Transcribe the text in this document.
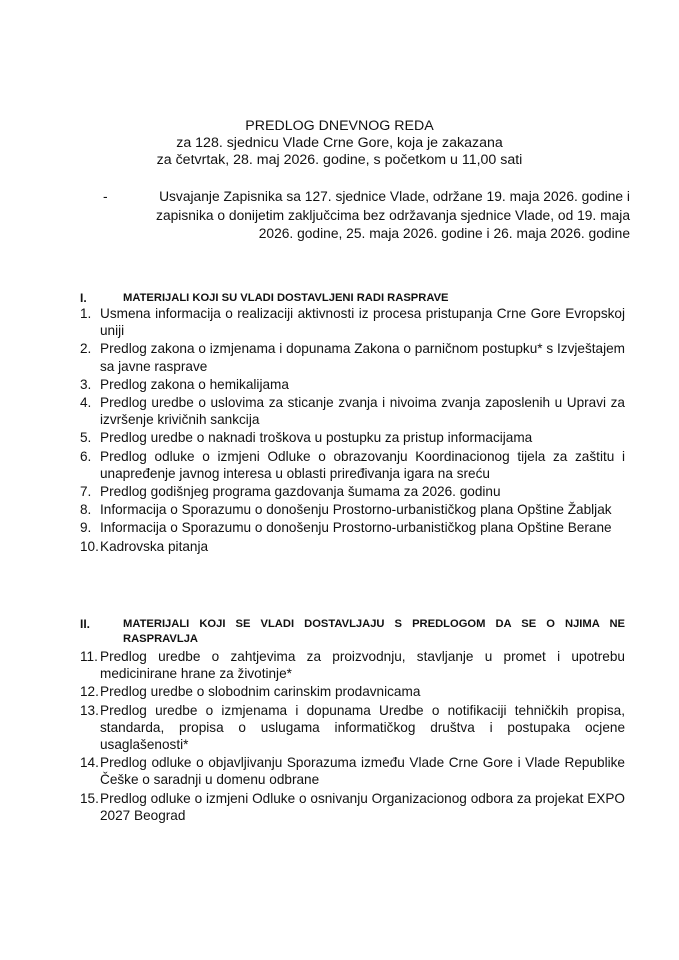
PREDLOG DNEVNOG REDA
za 128. sjednicu Vlade Crne Gore, koja je zakazana
za četvrtak, 28. maj 2026. godine, s početkom u 11,00 sati
-	Usvajanje Zapisnika sa 127. sjednice Vlade, održane 19. maja 2026. godine i zapisnika o donijetim zaključcima bez održavanja sjednice Vlade, od 19. maja 2026. godine, 25. maja 2026. godine i 26. maja 2026. godine
I.	MATERIJALI KOJI SU VLADI DOSTAVLJENI RADI RASPRAVE
1. Usmena informacija o realizaciji aktivnosti iz procesa pristupanja Crne Gore Evropskoj uniji
2. Predlog zakona o izmjenama i dopunama Zakona o parničnom postupku* s Izvještajem sa javne rasprave
3. Predlog zakona o hemikalijama
4. Predlog uredbe o uslovima za sticanje zvanja i nivoima zvanja zaposlenih u Upravi za izvršenje krivičnih sankcija
5. Predlog uredbe o naknadi troškova u postupku za pristup informacijama
6. Predlog odluke o izmjeni Odluke o obrazovanju Koordinacionog tijela za zaštitu i unapređenje javnog interesa u oblasti priređivanja igara na sreću
7. Predlog godišnjeg programa gazdovanja šumama za 2026. godinu
8. Informacija o Sporazumu o donošenju Prostorno-urbanističkog plana Opštine Žabljak
9. Informacija o Sporazumu o donošenju Prostorno-urbanističkog plana Opštine Berane
10. Kadrovska pitanja
II.	MATERIJALI KOJI SE VLADI DOSTAVLJAJU S PREDLOGOM DA SE O NJIMA NE RASPRAVLJA
11. Predlog uredbe o zahtjevima za proizvodnju, stavljanje u promet i upotrebu medicinirane hrane za životinje*
12. Predlog uredbe o slobodnim carinskim prodavnicama
13. Predlog uredbe o izmjenama i dopunama Uredbe o notifikaciji tehničkih propisa, standarda, propisa o uslugama informatičkog društva i postupaka ocjene usaglašenosti*
14. Predlog odluke o objavljivanju Sporazuma između Vlade Crne Gore i Vlade Republike Češke o saradnji u domenu odbrane
15. Predlog odluke o izmjeni Odluke o osnivanju Organizacionog odbora za projekat EXPO 2027 Beograd
